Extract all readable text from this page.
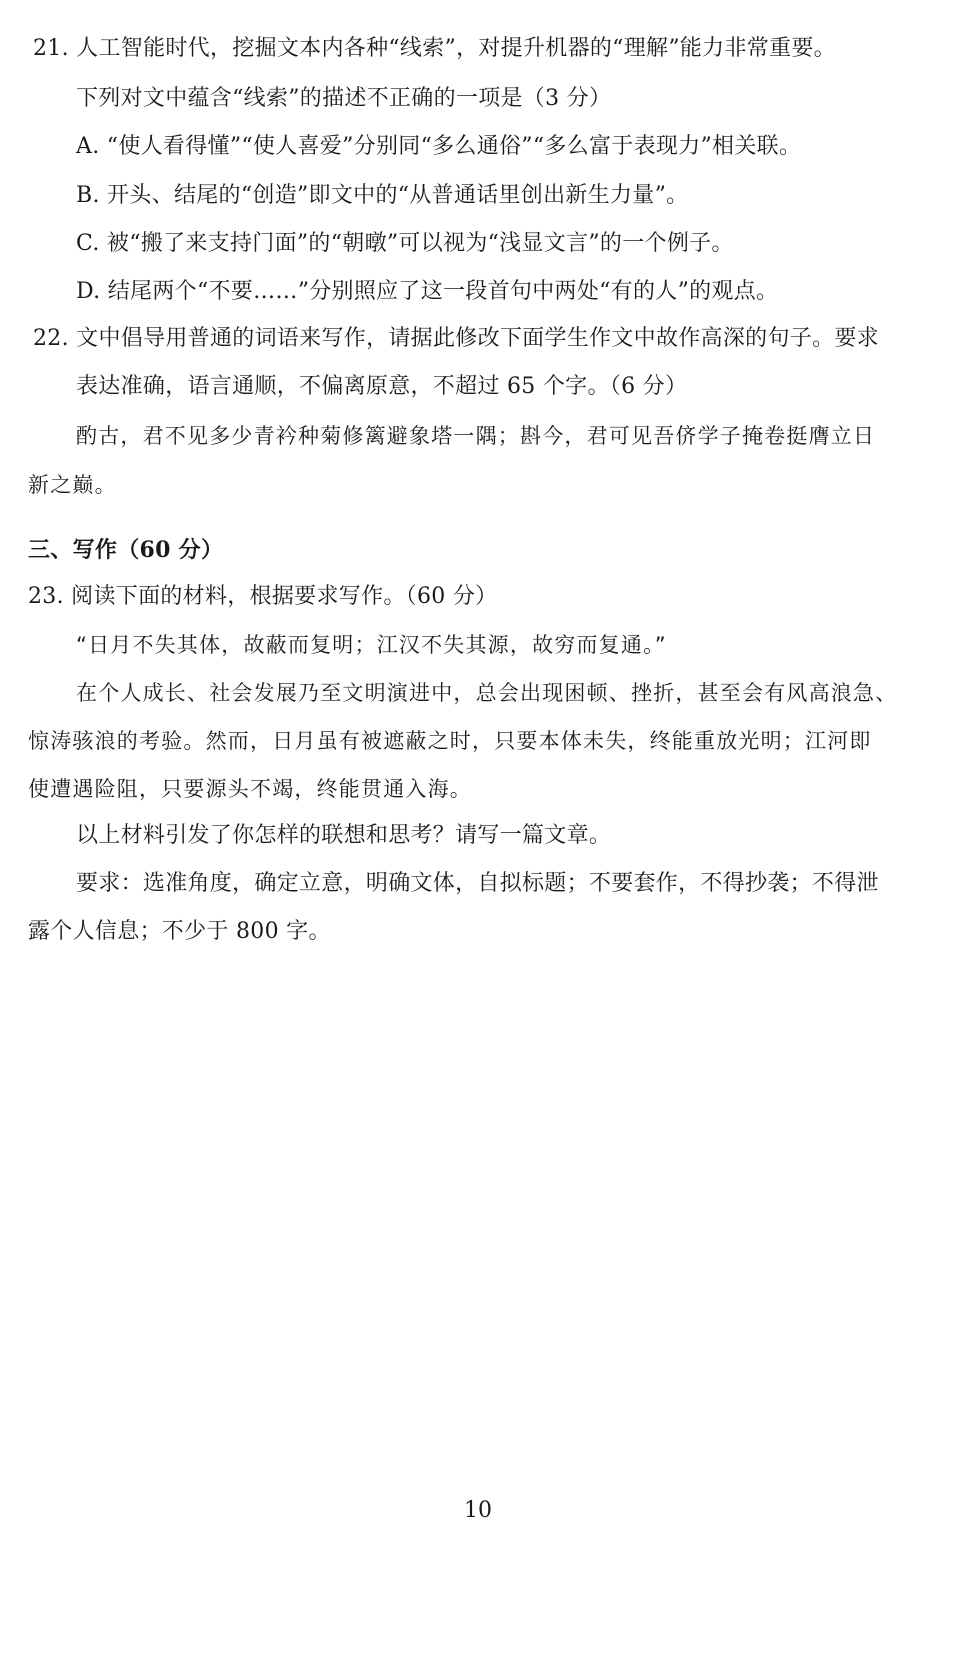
21. 人工智能时代，挖掘文本内各种“线索”，对提升机器的“理解”能力非常重要。
下列对文中蕴含“线索”的描述不正确的一项是（3 分）
A. “使人看得懂”“使人喜爱”分别同“多么通俗”“多么富于表现力”相关联。
B. 开头、结尾的“创造”即文中的“从普通话里创出新生力量”。
C. 被“搬了来支持门面”的“朝暾”可以视为“浅显文言”的一个例子。
D. 结尾两个“不要……”分别照应了这一段首句中两处“有的人”的观点。
22. 文中倡导用普通的词语来写作，请据此修改下面学生作文中故作高深的句子。要求
表达准确，语言通顺，不偏离原意，不超过 65 个字。（6 分）
酌古，君不见多少青衿种菊修篱避象塔一隅；斟今，君可见吾侪学子掩卷挺膺立日
新之巅。
三、写作（60 分）
23. 阅读下面的材料，根据要求写作。（60 分）
“日月不失其体，故蔽而复明；江汉不失其源，故穷而复通。”
在个人成长、社会发展乃至文明演进中，总会出现困顿、挫折，甚至会有风高浪急、
惊涛骇浪的考验。然而，日月虽有被遮蔽之时，只要本体未失，终能重放光明；江河即
使遭遇险阻，只要源头不竭，终能贯通入海。
以上材料引发了你怎样的联想和思考？请写一篇文章。
要求：选准角度，确定立意，明确文体，自拟标题；不要套作，不得抄袭；不得泄
露个人信息；不少于 800 字。
10
